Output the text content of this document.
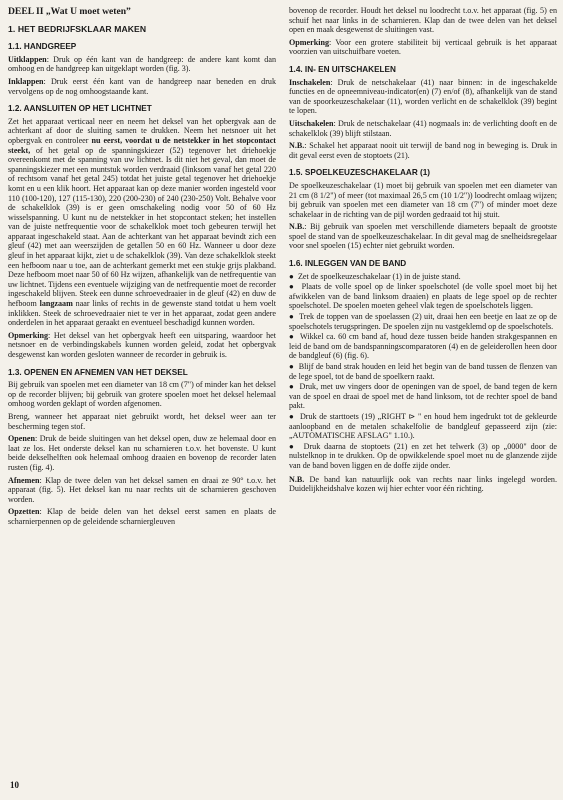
DEEL II „Wat U moet weten”
1. HET BEDRIJFSKLAAR MAKEN
1.1. HANDGREEP

Uitklappen: Druk op één kant van de handgreep: de andere kant komt dan omhoog en de handgreep kan uitgeklapt worden (fig. 3).

Inklappen: Druk eerst één kant van de handgreep naar beneden en druk vervolgens op de nog omhoogstaande kant.

1.2. AANSLUITEN OP HET LICHTNET

Zet het apparaat verticaal neer en neem het deksel van het opbergvak aan de achterkant af door de sluiting samen te drukken. Neem het netsnoer uit het opbergvak en controleer nu eerst, voordat u de netstekker in het stopcontact steekt, of het getal op de spanningskiezer (52) tegenover het driehoekje overeenkomt met de spanning van uw lichtnet. Is dit niet het geval, dan moet de spanningskiezer met een muntstuk worden verdraaid (linksom vanaf het getal 220 of rechtsom vanaf het getal 245) totdat het juiste getal tegenover het driehoekje komt en u een klik hoort. Het apparaat kan op deze manier worden ingesteld voor 110 (100-120), 127 (115-130), 220 (200-230) of 240 (230-250) Volt. Behalve voor de schakelklok (39) is er geen omschakeling nodig voor 50 of 60 Hz wisselspanning. U kunt nu de netstekker in het stopcontact steken; het instellen van de juiste netfrequentie voor de schakelklok moet toch gebeuren terwijl het apparaat ingeschakeld staat. Aan de achterkant van het apparaat bevindt zich een gleuf (42) met aan weerszijden de getallen 50 en 60 Hz. Wanneer u door deze gleuf in het apparaat kijkt, ziet u de schakelklok (39). Van deze schakelklok steekt een hefboom naar u toe, aan de achterkant gemerkt met een stukje grijs plakband. Deze hefboom moet naar 50 of 60 Hz wijzen, afhankelijk van de netfrequentie van uw lichtnet. Tijdens een eventuele wijziging van de netfrequentie moet de recorder ingeschakeld blijven. Steek een dunne schroevedraaier in de gleuf (42) en duw de hefboom langzaam naar links of rechts in de gewenste stand totdat u hem voelt inklikken. Steek de schroevedraaier niet te ver in het apparaat, zodat geen andere onderdelen in het apparaat geraakt en eventueel beschadigd kunnen worden.

Opmerking: Het deksel van het opbergvak heeft een uitsparing, waardoor het netsnoer en de verbindingskabels kunnen worden geleid, zodat het opbergvak desgewenst kan worden gesloten wanneer de recorder in gebruik is.

1.3. OPENEN EN AFNEMEN VAN HET DEKSEL

Bij gebruik van spoelen met een diameter van 18 cm (7") of minder kan het deksel op de recorder blijven; bij gebruik van grotere spoelen moet het deksel helemaal omhoog worden geklapt of worden afgenomen.

Breng, wanneer het apparaat niet gebruikt wordt, het deksel weer aan ter bescherming tegen stof.

Openen: Druk de beide sluitingen van het deksel open, duw ze helemaal door en laat ze los. Het onderste deksel kan nu scharnieren t.o.v. het bovenste. U kunt beide dekselhelften ook helemaal omhoog draaien en bovenop de recorder laten rusten (fig. 4).

Afnemen: Klap de twee delen van het deksel samen en draai ze 90° t.o.v. het apparaat (fig. 5). Het deksel kan nu naar rechts uit de scharnieren geschoven worden.

Opzetten: Klap de beide delen van het deksel eerst samen en plaats de scharnierpennen op de geleidende scharniergleuven

bovenop de recorder. Houdt het deksel nu loodrecht t.o.v. het apparaat (fig. 5) en schuif het naar links in de scharnieren. Klap dan de twee delen van het deksel open en maak desgewenst de sluitingen vast.

Opmerking: Voor een grotere stabiliteit bij verticaal gebruik is het apparaat voorzien van uitschuifbare voeten.

1.4. IN- EN UITSCHAKELEN

Inschakelen: Druk de netschakelaar (41) naar binnen: in de ingeschakelde functies en de opneemniveau-indicator(en) (7) en/of (8), afhankelijk van de stand van de spoorkeuzeschakelaar (11), worden verlicht en de schakelklok (39) begint te lopen.

Uitschakelen: Druk de netschakelaar (41) nogmaals in: de verlichting dooft en de schakelklok (39) blijft stilstaan.

N.B.: Schakel het apparaat nooit uit terwijl de band nog in beweging is. Druk in dit geval eerst even de stoptoets (21).

1.5. SPOELKEUZESCHAKELAAR (1)

De spoelkeuzeschakelaar (1) moet bij gebruik van spoelen met een diameter van 21 cm (8 1/2") of meer (tot maximaal 26,5 cm (10 1/2")) loodrecht omlaag wijzen; bij gebruik van spoelen met een diameter van 18 cm (7") of minder moet deze schakelaar in de richting van de pijl worden gedraaid tot hij stuit.

N.B.: Bij gebruik van spoelen met verschillende diameters bepaalt de grootste spoel de stand van de spoelkeuzeschakelaar. In dit geval mag de snelheidsregelaar voor snel spoelen (15) echter niet gebruikt worden.

1.6. INLEGGEN VAN DE BAND

●  Zet de spoelkeuzeschakelaar (1) in de juiste stand.

●  Plaats de volle spoel op de linker spoelschotel (de volle spoel moet bij het afwikkelen van de band linksom draaien) en plaats de lege spoel op de rechter spoelschotel. De spoelen moeten geheel vlak tegen de spoelschotels liggen.

●  Trek de toppen van de spoelassen (2) uit, draai hen een beetje en laat ze op de spoelschotels terugspringen. De spoelen zijn nu vastgeklemd op de spoelschotels.

●  Wikkel ca. 60 cm band af, houd deze tussen beide handen strakgespannen en leid de band om de bandspanningscomparatoren (4) en de geleiderollen heen door de bandgleuf (6) (fig. 6).

●  Blijf de band strak houden en leid het begin van de band tussen de flenzen van de lege spoel, tot de band de spoelkern raakt.

●  Druk, met uw vingers door de openingen van de spoel, de band tegen de kern van de spoel en draai de spoel met de hand linksom, tot de rechter spoel de band pakt.

●  Druk de starttoets (19) „RIGHT ⊳ " en houd hem ingedrukt tot de gekleurde aanloopband en de metalen schakelfolie de bandgleuf gepasseerd zijn (zie: „AUTOMATISCHE AFSLAG" 1.10.).

●  Druk daarna de stoptoets (21) en zet het telwerk (3) op „0000" door de nulstelknop in te drukken. Op de opwikkelende spoel moet nu de glanzende zijde van de band boven liggen en de doffe zijde onder.

N.B. De band kan natuurlijk ook van rechts naar links ingelegd worden. Duidelijkheidshalve kozen wij hier echter voor één richting.

10
